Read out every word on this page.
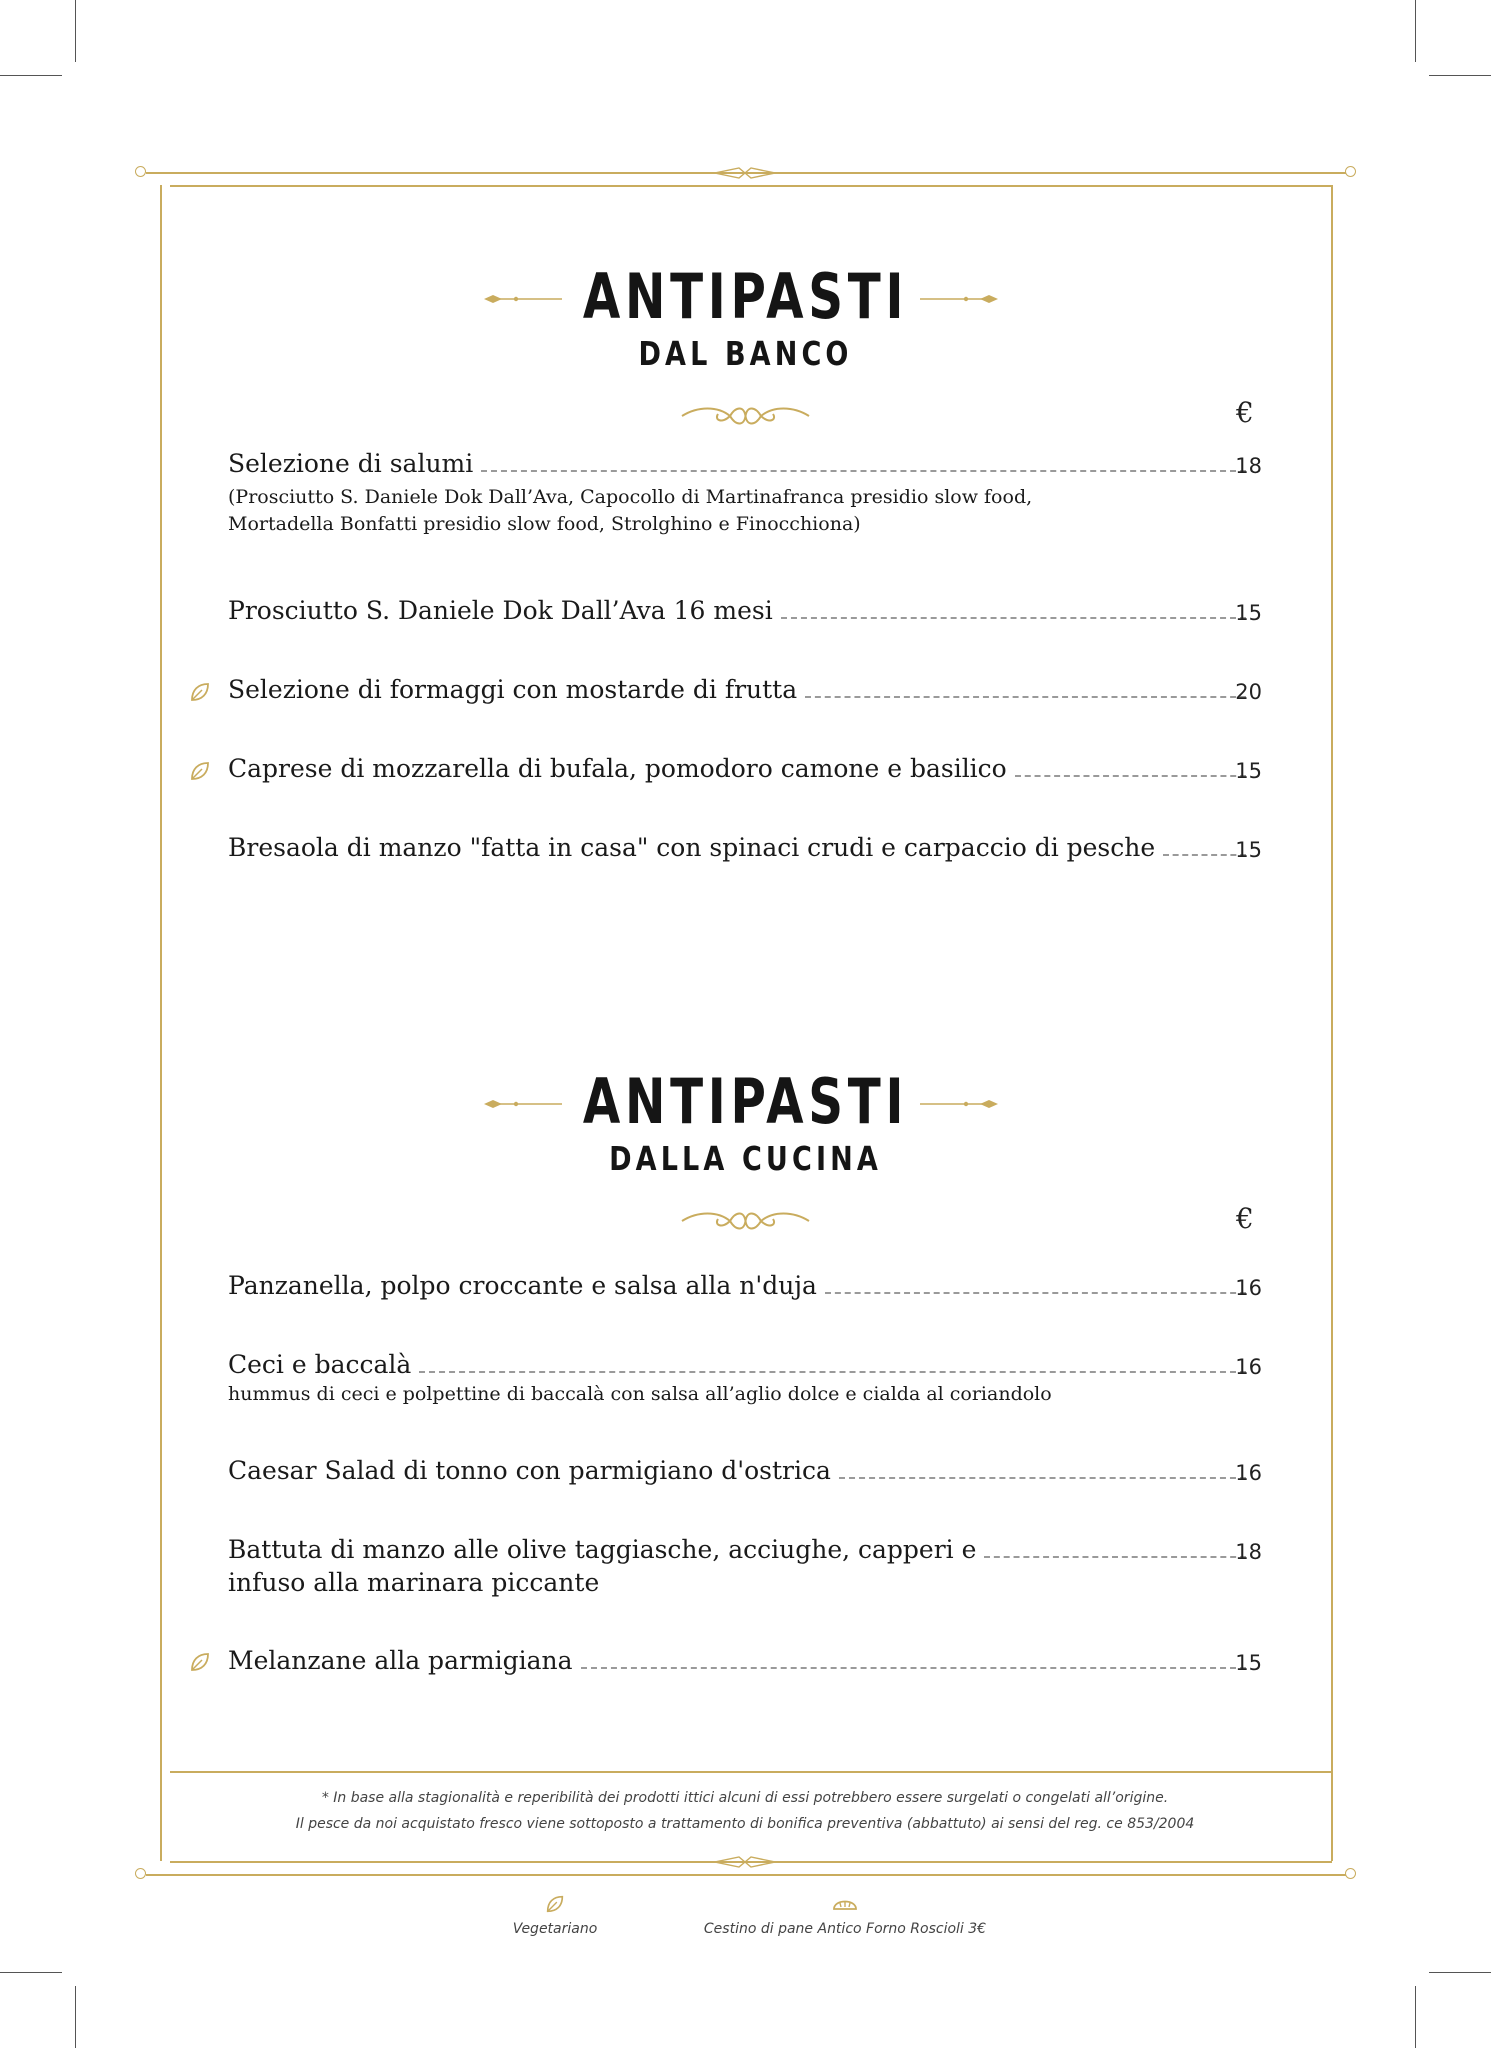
ANTIPASTI
DAL BANCO
€
Selezione di salumi	18
(Prosciutto S. Daniele Dok Dall’Ava, Capocollo di Martinafranca presidio slow food,
Mortadella Bonfatti presidio slow food, Strolghino e Finocchiona)
Prosciutto S. Daniele Dok Dall’Ava 16 mesi	15
Selezione di formaggi con mostarde di frutta	20
Caprese di mozzarella di bufala, pomodoro camone e basilico	15
Bresaola di manzo "fatta in casa" con spinaci crudi e carpaccio di pesche	15
ANTIPASTI
DALLA CUCINA
€
Panzanella, polpo croccante e salsa alla n'duja	16
Ceci e baccalà	16
hummus di ceci e polpettine di baccalà con salsa all’aglio dolce e cialda al coriandolo
Caesar Salad di tonno con parmigiano d'ostrica	16
Battuta di manzo alle olive taggiasche, acciughe, capperi e	18
infuso alla marinara piccante
Melanzane alla parmigiana	15
* In base alla stagionalità e reperibilità dei prodotti ittici alcuni di essi potrebbero essere surgelati o congelati all’origine.
Il pesce da noi acquistato fresco viene sottoposto a trattamento di bonifica preventiva (abbattuto) ai sensi del reg. ce 853/2004
Vegetariano	Cestino di pane Antico Forno Roscioli 3€
